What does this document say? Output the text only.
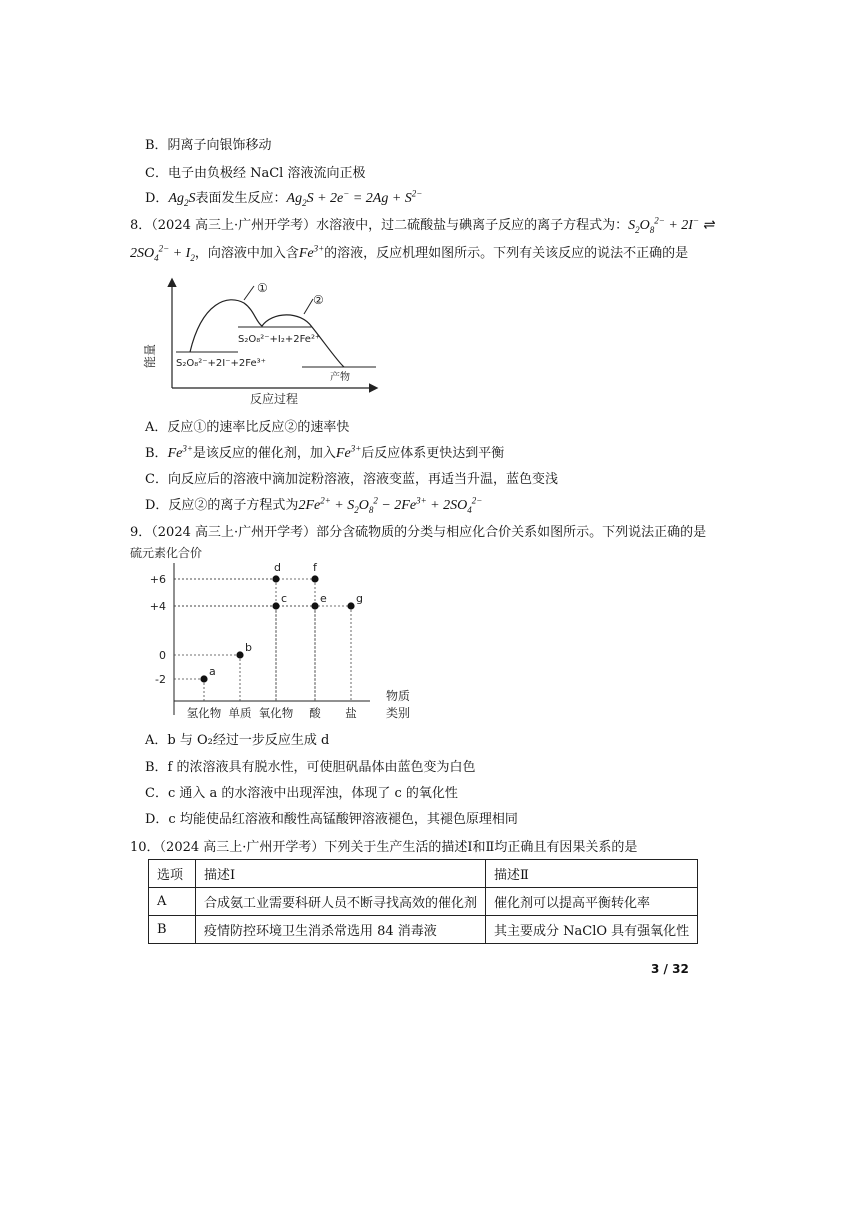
B．阴离子向银饰移动
C．电子由负极经 NaCl 溶液流向正极
D．$Ag_2S$表面发生反应：$Ag_2S + 2e^- = 2Ag + S^{2-}$
8．（2024 高三上·广州开学考）水溶液中，过二硫酸盐与碘离子反应的离子方程式为：$S_2O_8^{2-} + 2I^-$ ⇌
$2SO_4^{2-} + I_2$，向溶液中加入含$Fe^{3+}$的溶液，反应机理如图所示。下列有关该反应的说法不正确的是
能量
反应过程
①
②
S₂O₈²⁻+2I⁻+2Fe³⁺
S₂O₈²⁻+I₂+2Fe²⁺
产物
A．反应①的速率比反应②的速率快
B．$Fe^{3+}$是该反应的催化剂，加入$Fe^{3+}$后反应体系更快达到平衡
C．向反应后的溶液中滴加淀粉溶液，溶液变蓝，再适当升温，蓝色变浅
D．反应②的离子方程式为$2Fe^{2+} + S_2O_8^2 - 2Fe^{3+} + 2SO_4^{2-}$
9．（2024 高三上·广州开学考）部分含硫物质的分类与相应化合价关系如图所示。下列说法正确的是
硫元素化合价
+6
+4
0
-2
a
b
c
d
e
f
g
氢化物 单质 氧化物 酸 盐
物质
类别
A．b 与 O₂经过一步反应生成 d
B．f 的浓溶液具有脱水性，可使胆矾晶体由蓝色变为白色
C．c 通入 a 的水溶液中出现浑浊，体现了 c 的氧化性
D．c 均能使品红溶液和酸性高锰酸钾溶液褪色，其褪色原理相同
10．（2024 高三上·广州开学考）下列关于生产生活的描述Ⅰ和Ⅱ均正确且有因果关系的是
选项	描述Ⅰ	描述Ⅱ
A	合成氨工业需要科研人员不断寻找高效的催化剂	催化剂可以提高平衡转化率
B	疫情防控环境卫生消杀常选用 84 消毒液	其主要成分 NaClO 具有强氧化性
3 / 32
